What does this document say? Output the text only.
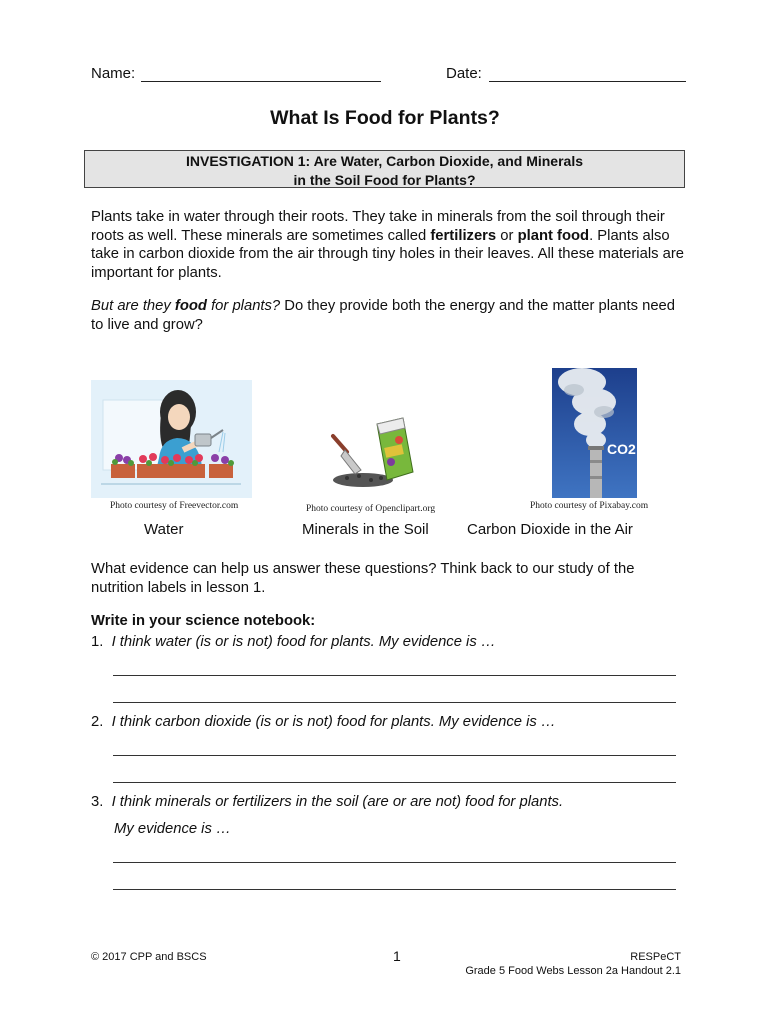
Name:	Date:
What Is Food for Plants?
INVESTIGATION 1: Are Water, Carbon Dioxide, and Minerals
in the Soil Food for Plants?
Plants take in water through their roots. They take in minerals from the soil through their roots as well. These minerals are sometimes called fertilizers or plant food. Plants also take in carbon dioxide from the air through tiny holes in their leaves. All these materials are important for plants.
But are they food for plants? Do they provide both the energy and the matter plants need to live and grow?
Photo courtesy of Freevector.com
Water
Photo courtesy of Openclipart.org
Minerals in the Soil
CO2
Photo courtesy of Pixabay.com
Carbon Dioxide in the Air
What evidence can help us answer these questions? Think back to our study of the nutrition labels in lesson 1.
Write in your science notebook:
1. I think water (is or is not) food for plants. My evidence is …
2. I think carbon dioxide (is or is not) food for plants. My evidence is …
3. I think minerals or fertilizers in the soil (are or are not) food for plants.
My evidence is …
© 2017 CPP and BSCS	1	RESPeCT
Grade 5 Food Webs Lesson 2a Handout 2.1
